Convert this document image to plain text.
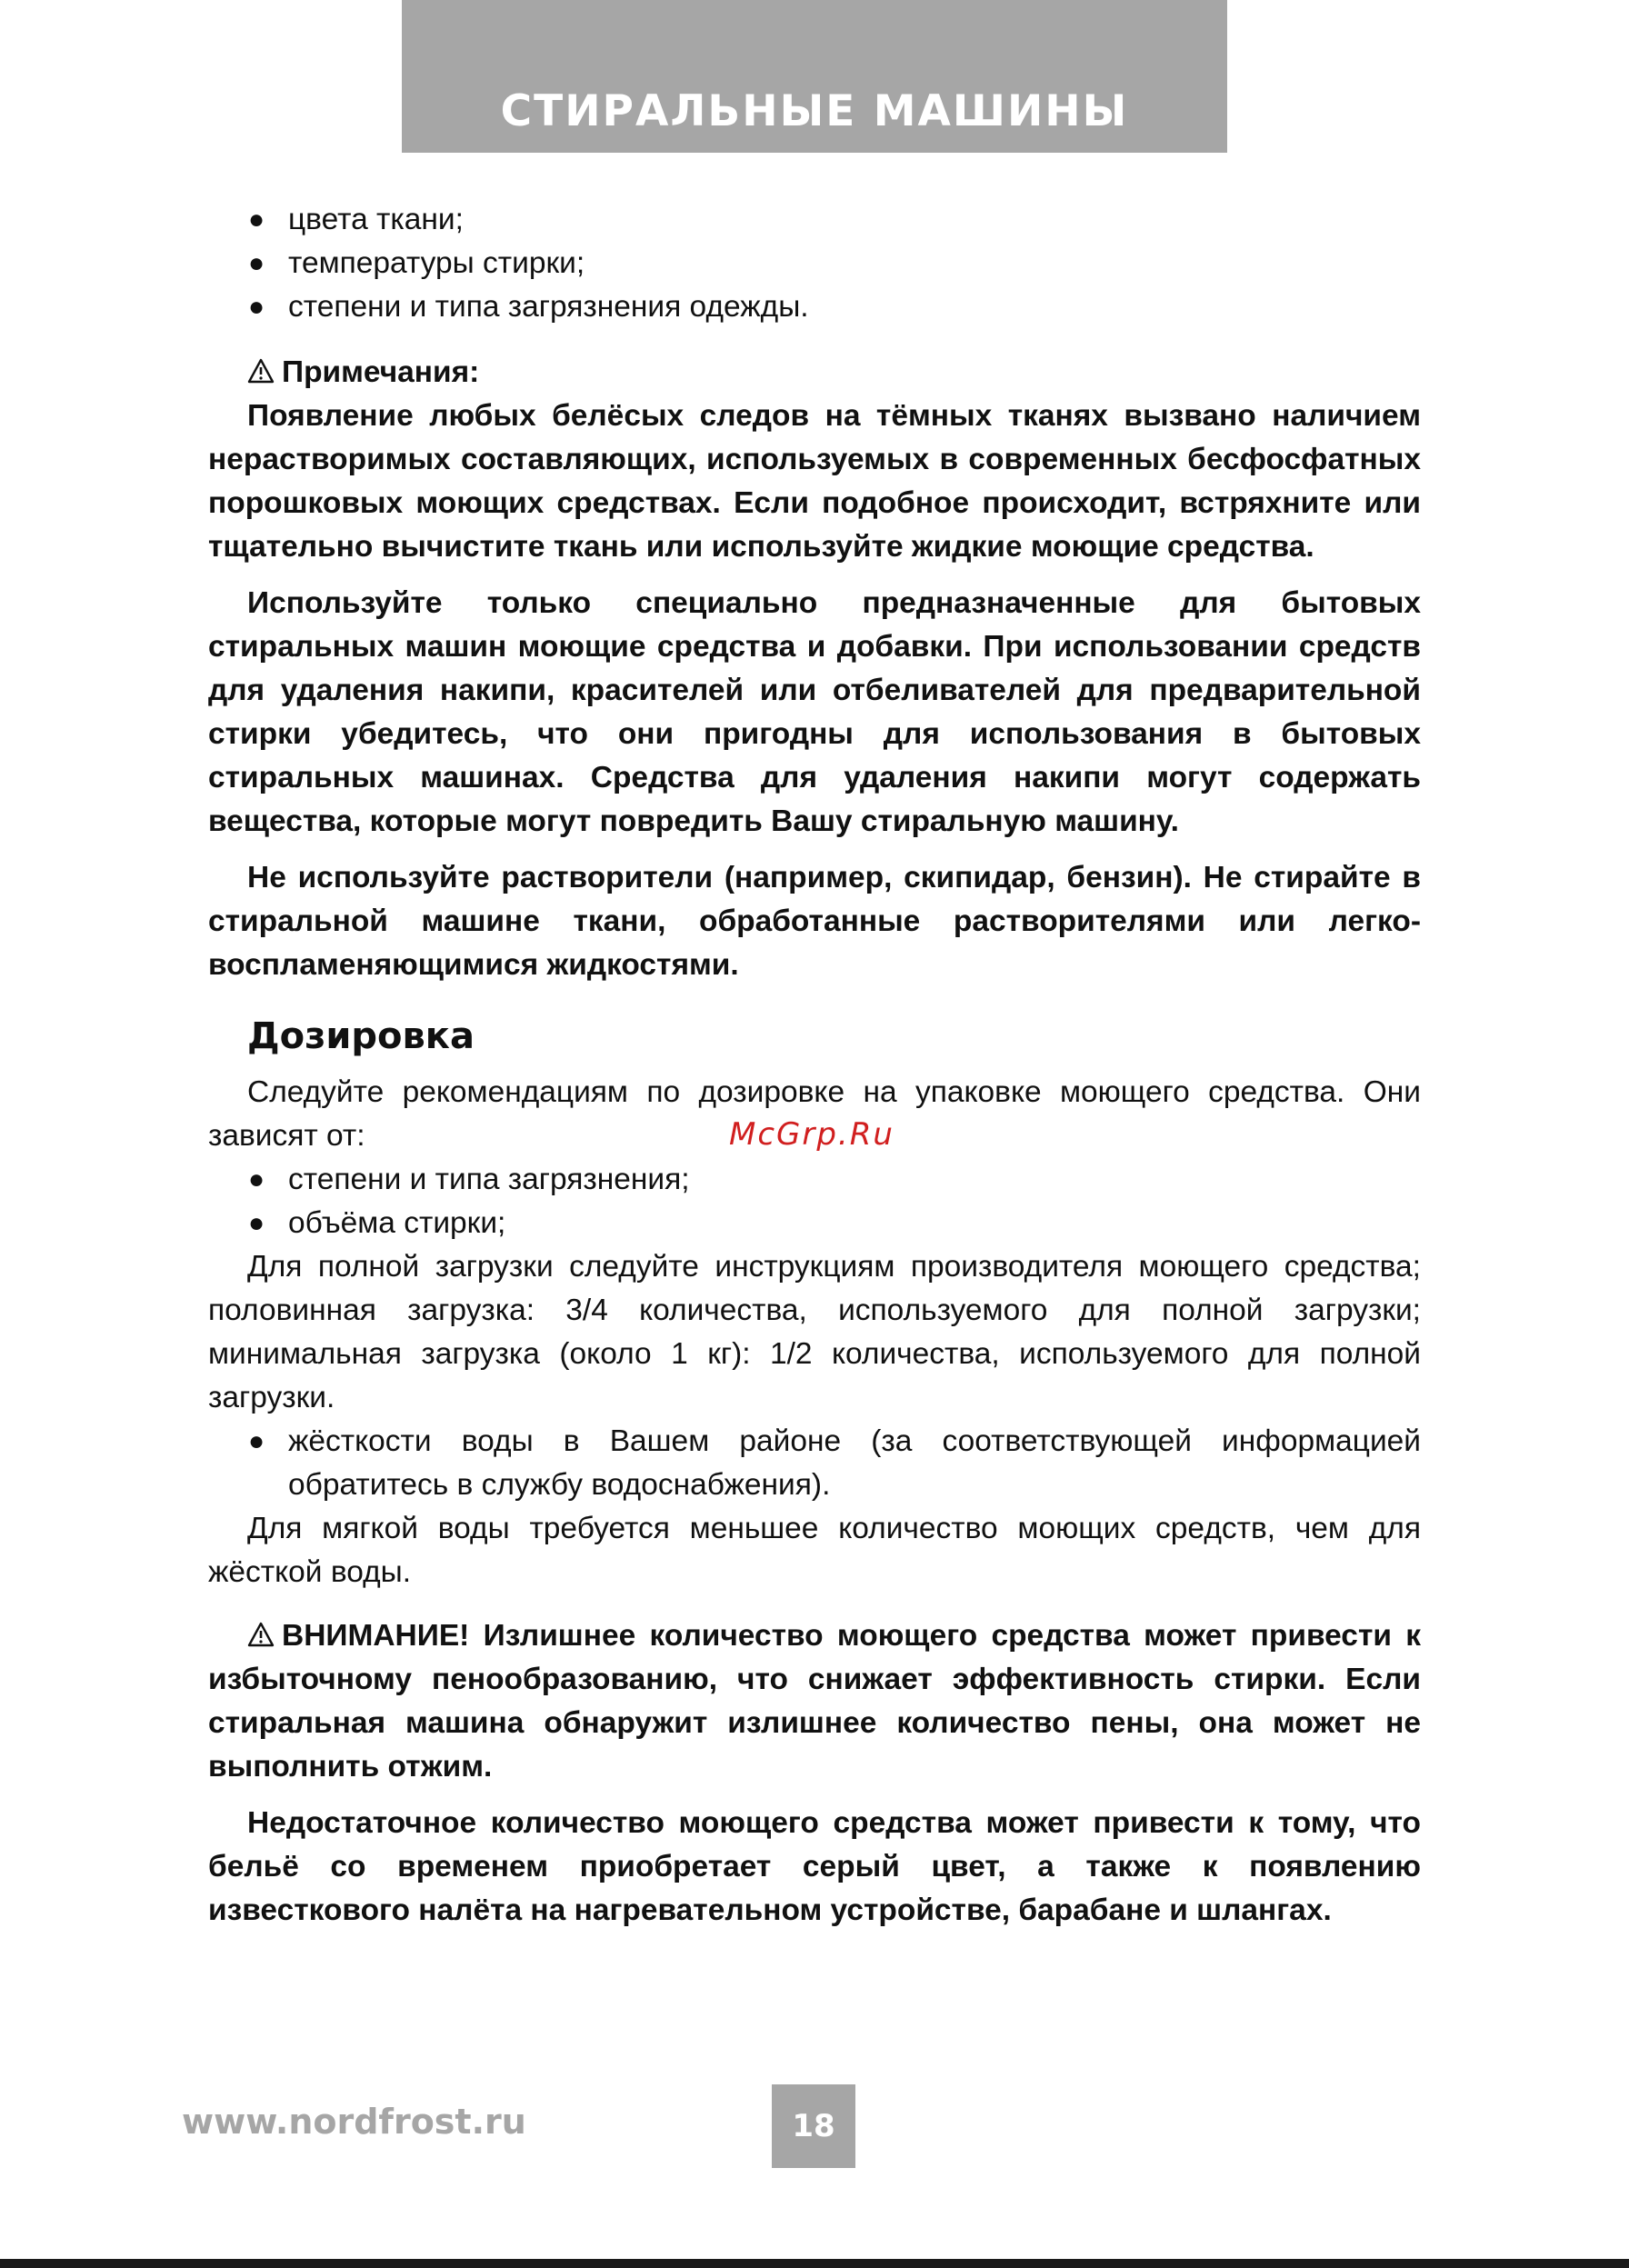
СТИРАЛЬНЫЕ МАШИНЫ
● цвета ткани;
● температуры стирки;
● степени и типа загрязнения одежды.
Примечания:

Появление любых белёсых следов на тёмных тканях вызвано наличием нерастворимых составляющих, используемых в современных бесфосфатных порошковых моющих средствах. Если подобное происходит, встряхните или тщательно вычистите ткань или используйте жидкие моющие средства.

Используйте только специально предназначенные для бытовых стиральных машин моющие средства и добавки. При использовании средств для удаления накипи, красителей или отбеливателей для предварительной стирки убедитесь, что они пригодны для использования в бытовых стиральных машинах. Средства для удаления накипи могут содержать вещества, которые могут повредить Вашу стиральную машину.

Не используйте растворители (например, скипидар, бензин). Не стирайте в стиральной машине ткани, обработанные растворителями или легко-воспламеняющимися жидкостями.

Дозировка

Следуйте рекомендациям по дозировке на упаковке моющего средства. Они зависят от:

● степени и типа загрязнения;
● объёма стирки;

Для полной загрузки следуйте инструкциям производителя моющего средства; половинная загрузка: 3/4 количества, используемого для полной загрузки; минимальная загрузка (около 1 кг): 1/2 количества, используемого для полной загрузки.

● жёсткости воды в Вашем районе (за соответствующей информацией обратитесь в службу водоснабжения).

Для мягкой воды требуется меньшее количество моющих средств, чем для жёсткой воды.

ВНИМАНИЕ! Излишнее количество моющего средства может привести к избыточному пенообразованию, что снижает эффективность стирки. Если стиральная машина обнаружит излишнее количество пены, она может не выполнить отжим.

Недостаточное количество моющего средства может привести к тому, что бельё со временем приобретает серый цвет, а также к появлению известкового налёта на нагревательном устройстве, барабане и шлангах.

McGrp.Ru
www.nordfrost.ru	18
